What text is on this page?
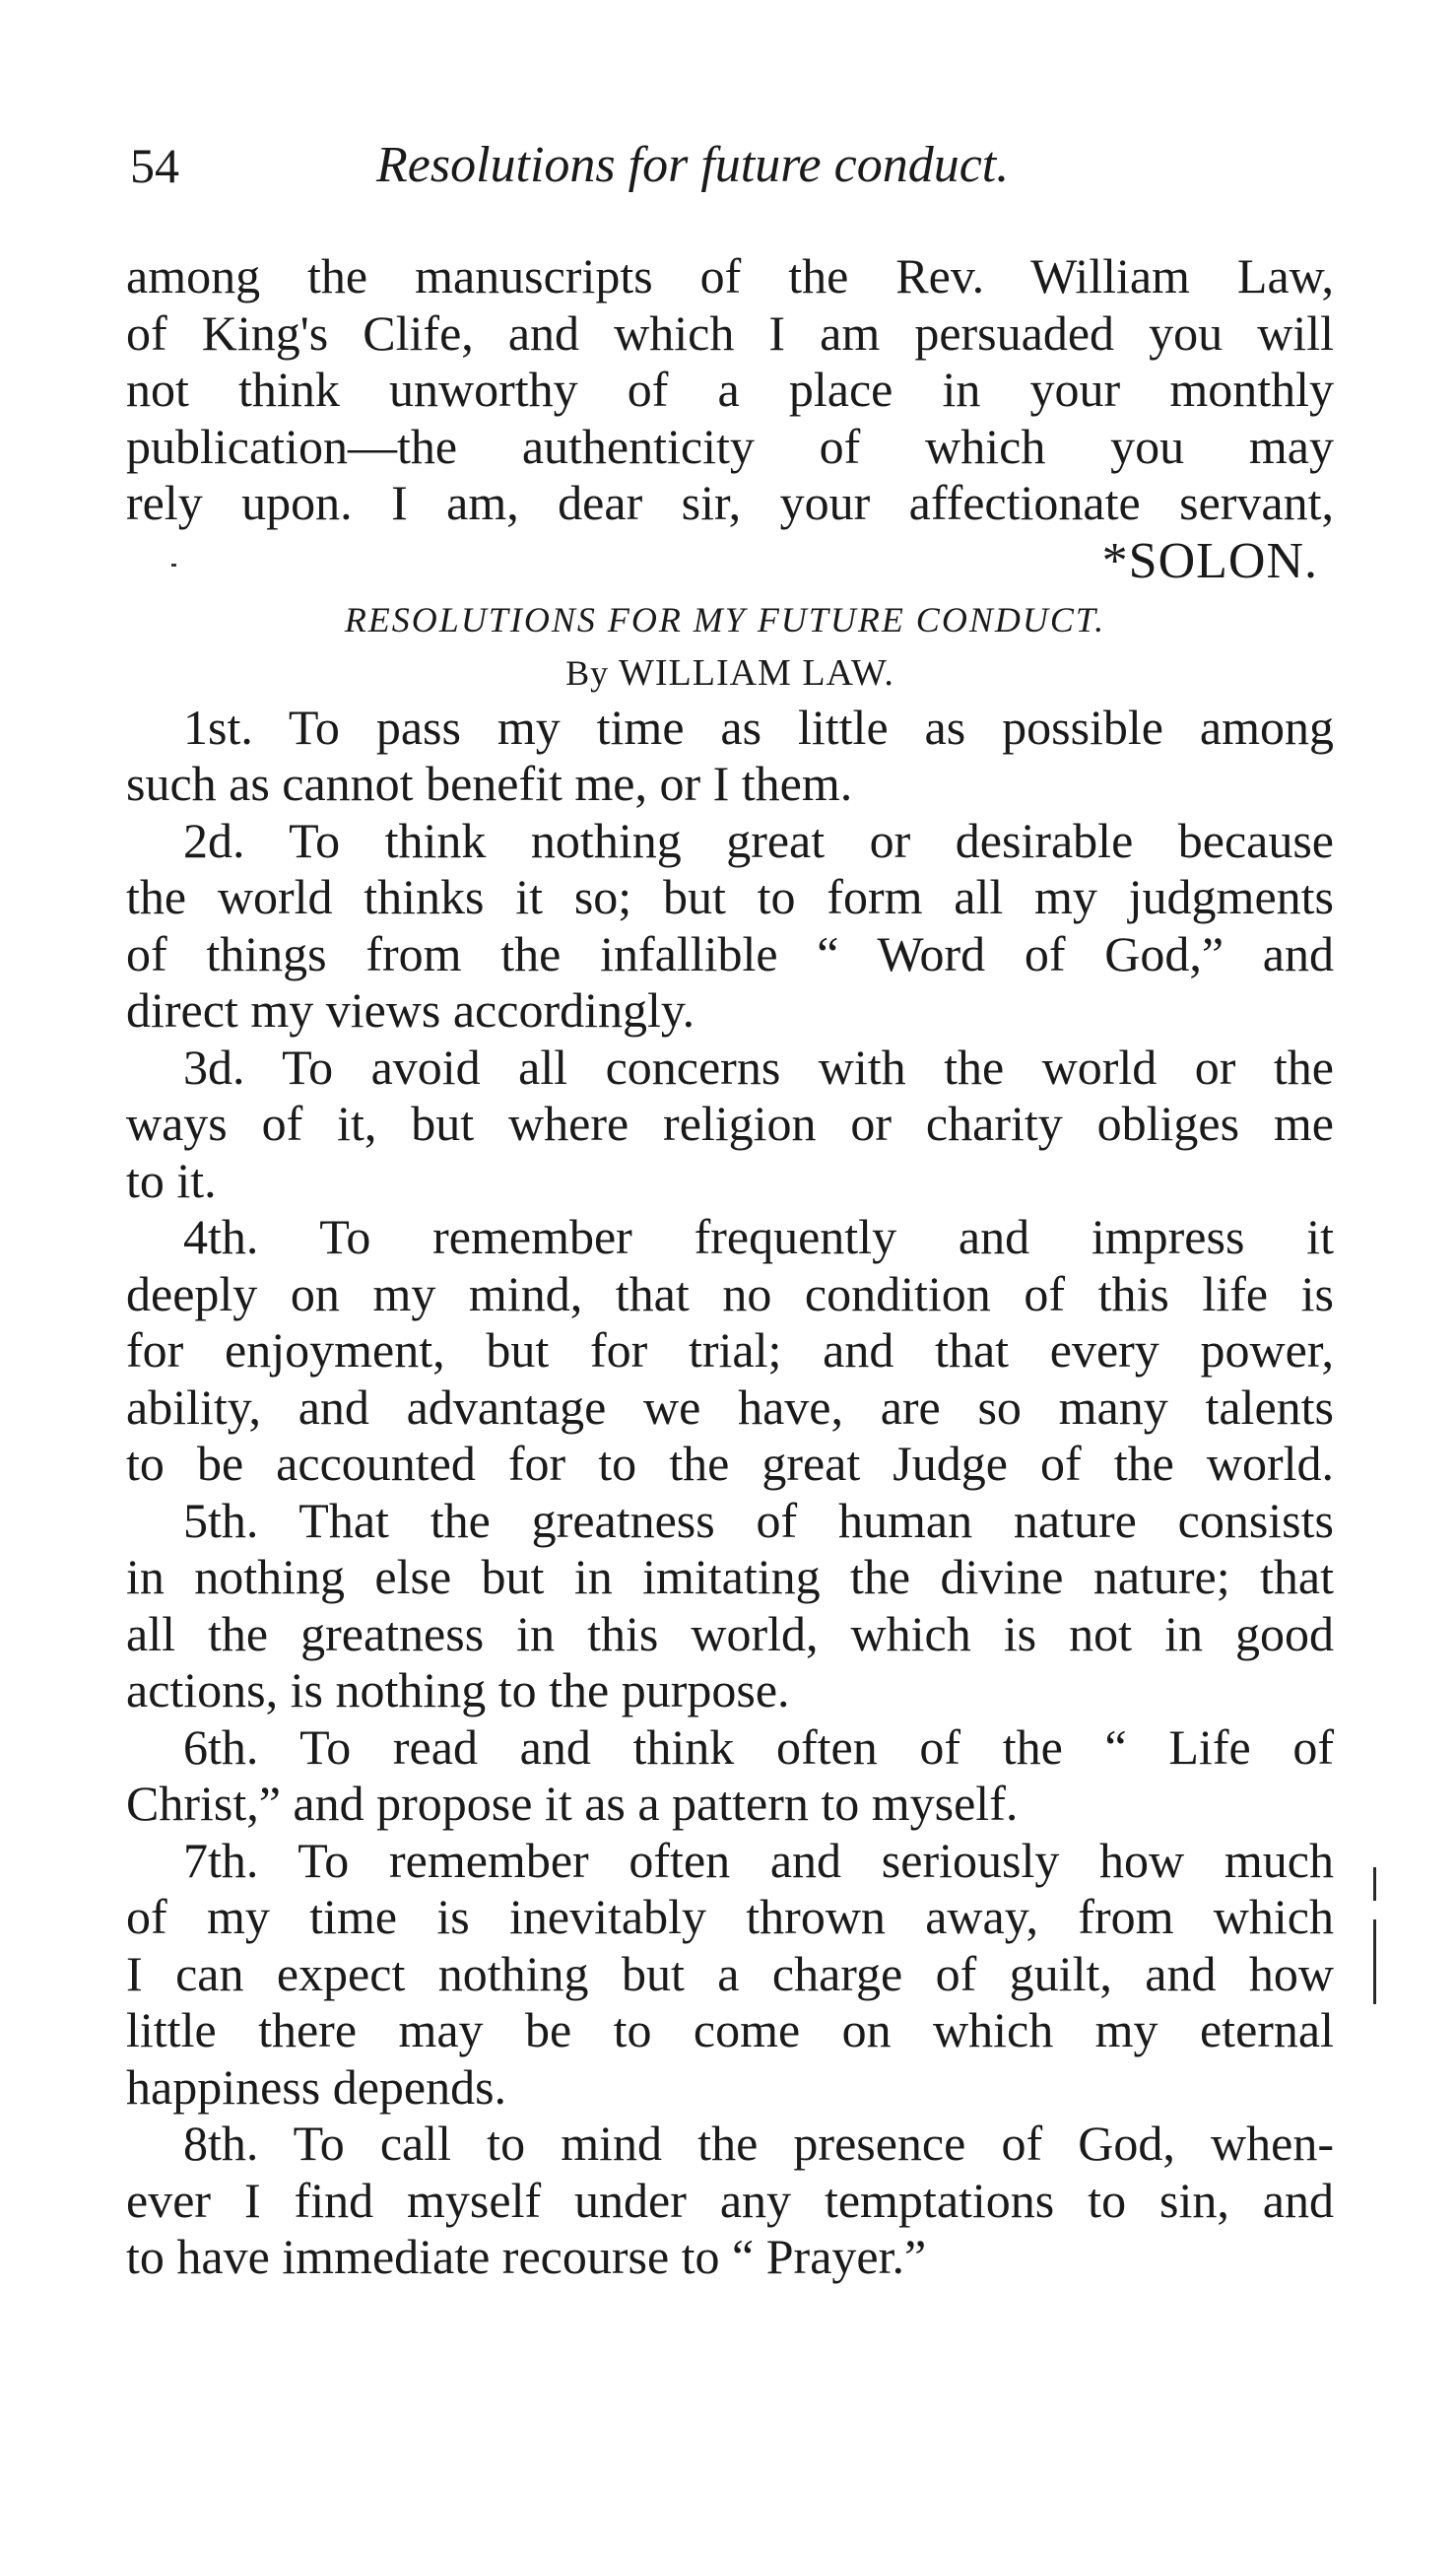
54	Resolutions for future conduct.
among the manuscripts of the Rev. William Law,
of King's Clife, and which I am persuaded you will
not think unworthy of a place in your monthly
publication—the authenticity of which you may
rely upon. I am, dear sir, your affectionate servant,
*SOLON.
RESOLUTIONS FOR MY FUTURE CONDUCT.
By WILLIAM LAW.
1st. To pass my time as little as possible among
such as cannot benefit me, or I them.
2d. To think nothing great or desirable because
the world thinks it so; but to form all my judgments
of things from the infallible “ Word of God,” and
direct my views accordingly.
3d. To avoid all concerns with the world or the
ways of it, but where religion or charity obliges me
to it.
4th. To remember frequently and impress it
deeply on my mind, that no condition of this life is
for enjoyment, but for trial; and that every power,
ability, and advantage we have, are so many talents
to be accounted for to the great Judge of the world.
5th. That the greatness of human nature consists
in nothing else but in imitating the divine nature; that
all the greatness in this world, which is not in good
actions, is nothing to the purpose.
6th. To read and think often of the “ Life of
Christ,” and propose it as a pattern to myself.
7th. To remember often and seriously how much
of my time is inevitably thrown away, from which
I can expect nothing but a charge of guilt, and how
little there may be to come on which my eternal
happiness depends.
8th. To call to mind the presence of God, when-
ever I find myself under any temptations to sin, and
to have immediate recourse to “ Prayer.”
